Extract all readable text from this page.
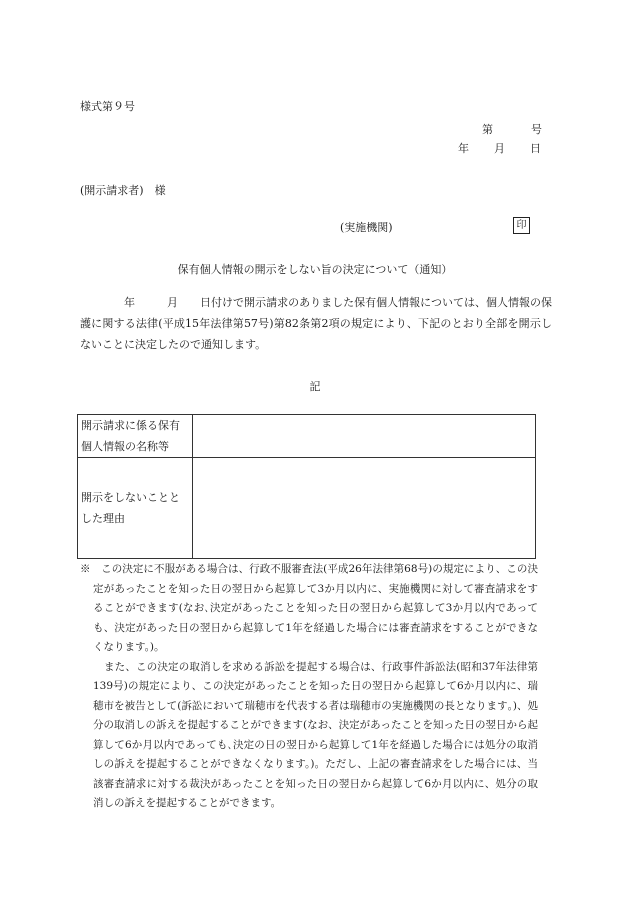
様式第９号
第	号
年 月 日
(開示請求者)　様
(実施機関)	印
保有個人情報の開示をしない旨の決定について（通知）
年	月 日付けで開示請求のありました保有個人情報については、個人情報の保護に関する法律(平成15年法律第57号)第82条第2項の規定により、下記のとおり全部を開示しないことに決定したので通知します。
記
開示請求に係る保有個人情報の名称等	
開示をしないこととした理由	

※　この決定に不服がある場合は、行政不服審査法(平成26年法律第68号)の規定により、この決定があったことを知った日の翌日から起算して3か月以内に、実施機関に対して審査請求をすることができます(なお､決定があったことを知った日の翌日から起算して3か月以内であっても、決定があった日の翌日から起算して1年を経過した場合には審査請求をすることができなくなります。)。

また、この決定の取消しを求める訴訟を提起する場合は、行政事件訴訟法(昭和37年法律第139号)の規定により、この決定があったことを知った日の翌日から起算して6か月以内に、瑞穂市を被告として(訴訟において瑞穂市を代表する者は瑞穂市の実施機関の長となります｡)、処分の取消しの訴えを提起することができます(なお、決定があったことを知った日の翌日から起算して6か月以内であっても､決定の日の翌日から起算して1年を経過した場合には処分の取消しの訴えを提起することができなくなります。)。ただし、上記の審査請求をした場合には、当該審査請求に対する裁決があったことを知った日の翌日から起算して6か月以内に、処分の取消しの訴えを提起することができます。
